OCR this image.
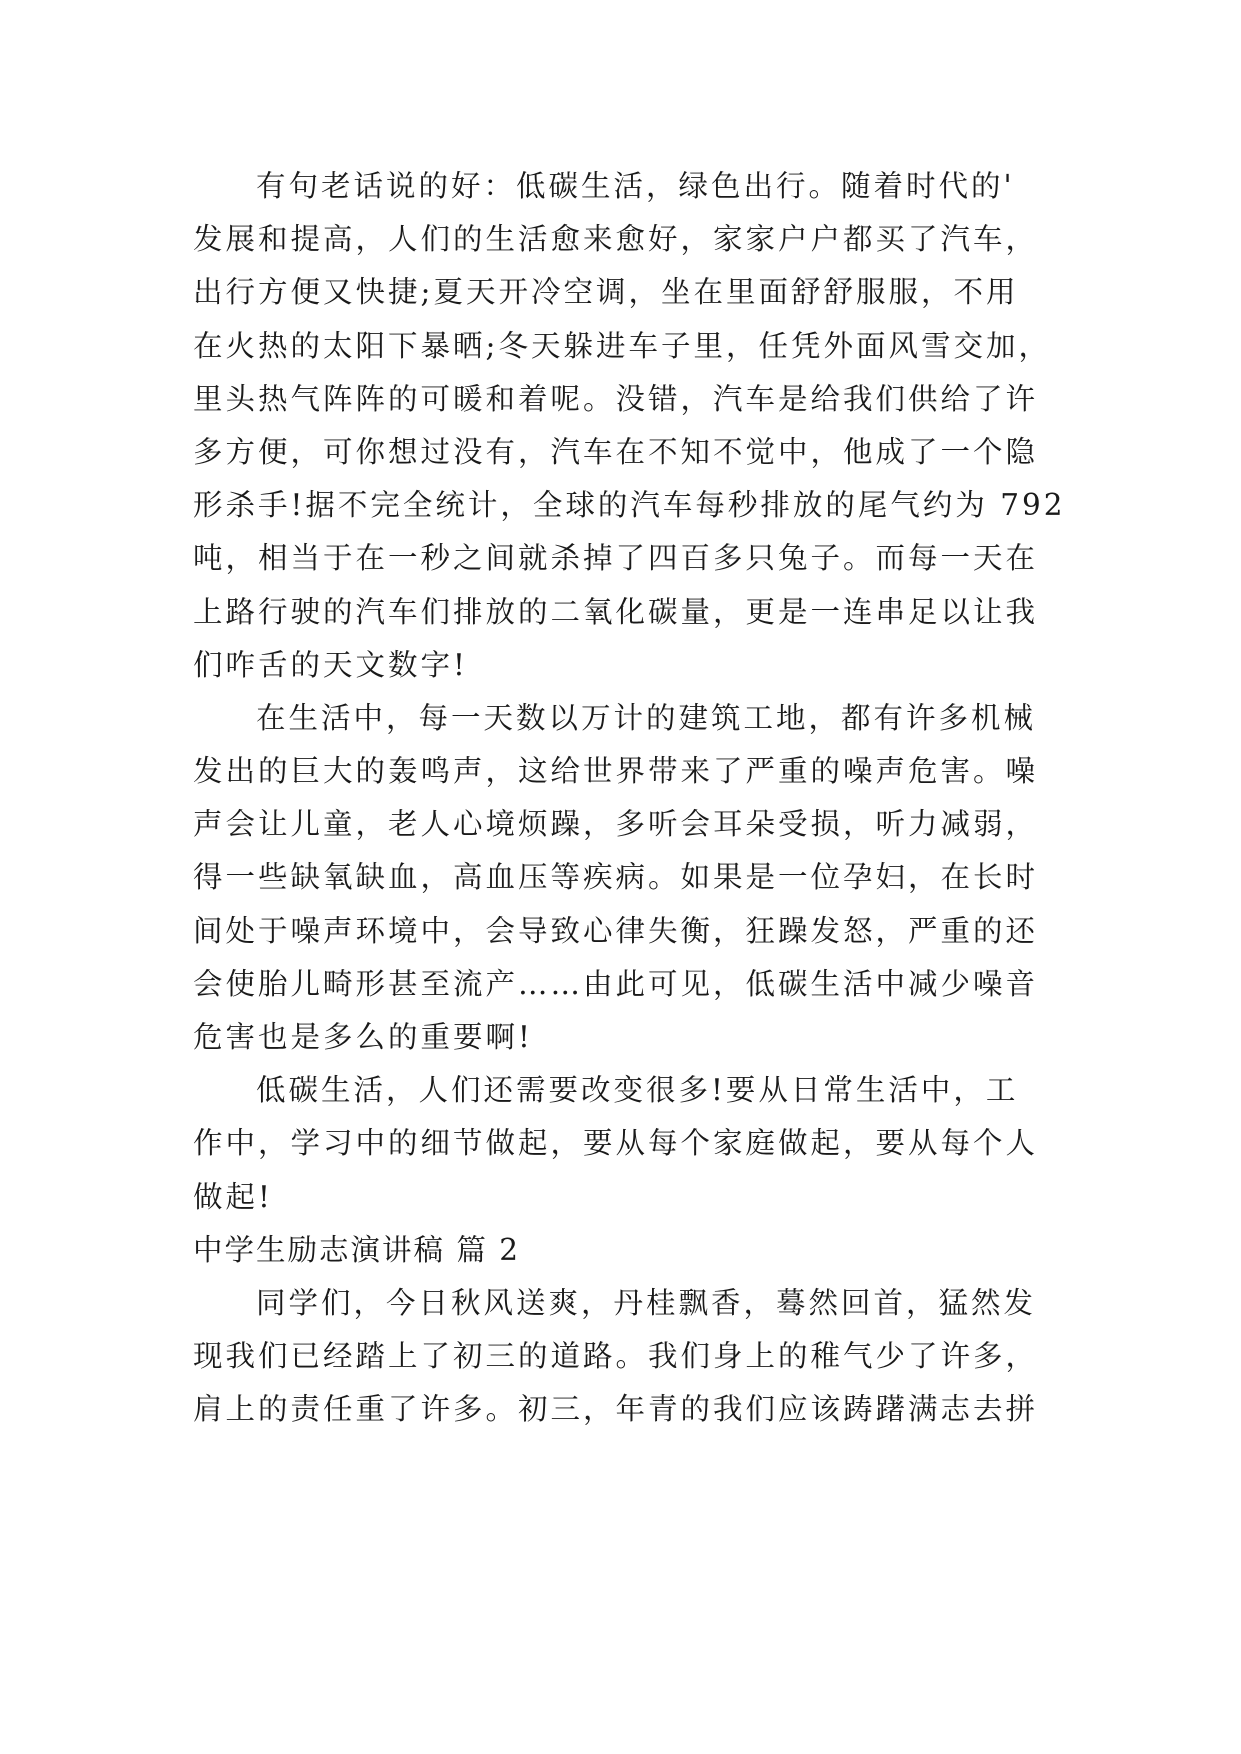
有句老话说的好：低碳生活，绿色出行。随着时代的'
发展和提高，人们的生活愈来愈好，家家户户都买了汽车，
出行方便又快捷;夏天开冷空调，坐在里面舒舒服服，不用
在火热的太阳下暴晒;冬天躲进车子里，任凭外面风雪交加，
里头热气阵阵的可暖和着呢。没错，汽车是给我们供给了许
多方便，可你想过没有，汽车在不知不觉中，他成了一个隐
形杀手!据不完全统计，全球的汽车每秒排放的尾气约为 792
吨，相当于在一秒之间就杀掉了四百多只兔子。而每一天在
上路行驶的汽车们排放的二氧化碳量，更是一连串足以让我
们咋舌的天文数字!
在生活中，每一天数以万计的建筑工地，都有许多机械
发出的巨大的轰鸣声，这给世界带来了严重的噪声危害。噪
声会让儿童，老人心境烦躁，多听会耳朵受损，听力减弱，
得一些缺氧缺血，高血压等疾病。如果是一位孕妇，在长时
间处于噪声环境中，会导致心律失衡，狂躁发怒，严重的还
会使胎儿畸形甚至流产……由此可见，低碳生活中减少噪音
危害也是多么的重要啊!
低碳生活，人们还需要改变很多!要从日常生活中，工
作中，学习中的细节做起，要从每个家庭做起，要从每个人
做起!
中学生励志演讲稿 篇 2
同学们，今日秋风送爽，丹桂飘香，蓦然回首，猛然发
现我们已经踏上了初三的道路。我们身上的稚气少了许多，
肩上的责任重了许多。初三，年青的我们应该踌躇满志去拼
